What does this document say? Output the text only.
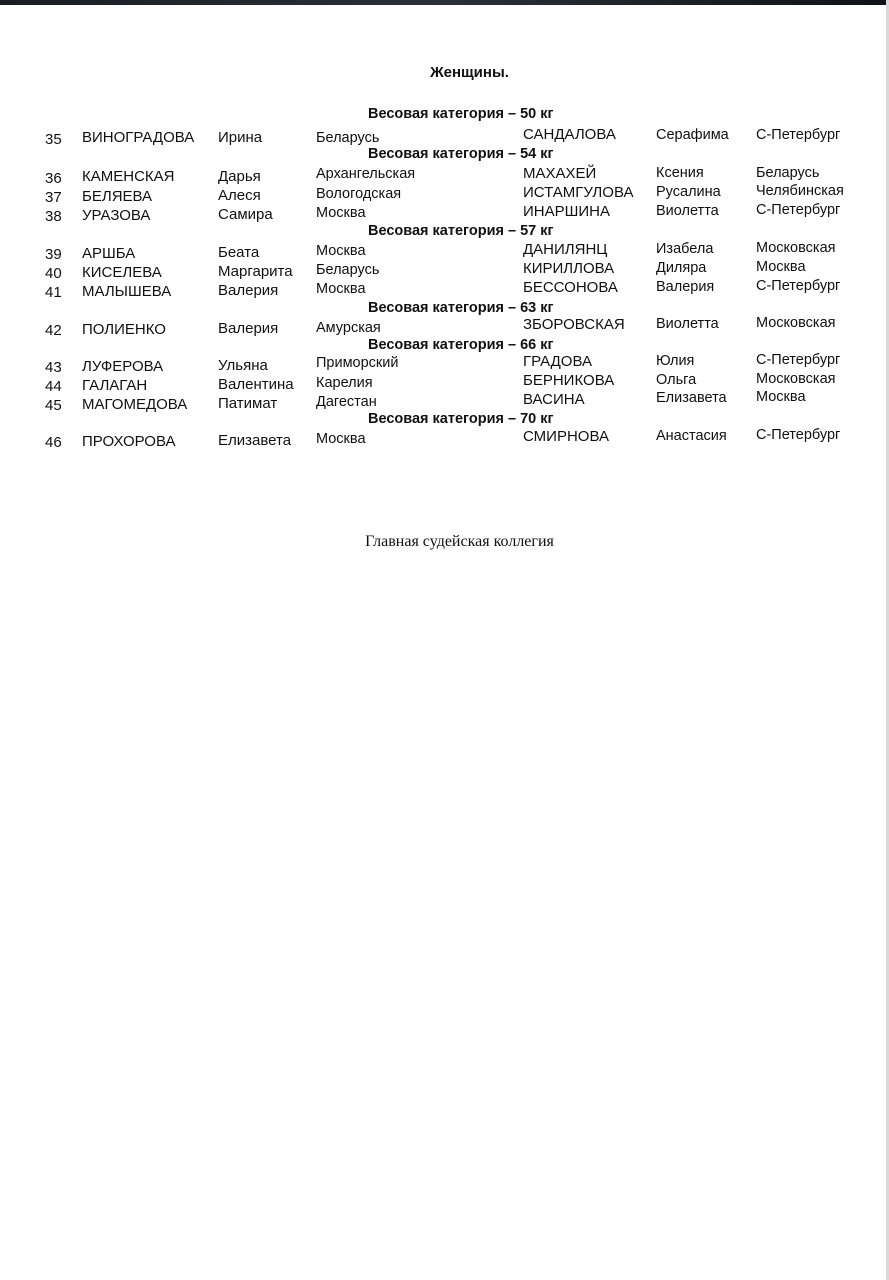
Женщины.
Весовая категория – 50 кг
35 ВИНОГРАДОВА Ирина	Беларусь	САНДАЛОВА	Серафима С-Петербург
Весовая категория – 54 кг
36 КАМЕНСКАЯ	Дарья	Архангельская	МАХАХЕЙ	Ксения	Беларусь
37 БЕЛЯЕВА	Алеся	Вологодская	ИСТАМГУЛОВА Русалина Челябинская
38 УРАЗОВА	Самира	Москва	ИНАРШИНА	Виолетта	С-Петербург
Весовая категория – 57 кг
39 АРШБА	Беата	Москва	ДАНИЛЯНЦ	Изабела	Московская
40 КИСЕЛЕВА	Маргарита Беларусь	КИРИЛЛОВА	Диляра	Москва
41 МАЛЫШЕВА	Валерия	Москва	БЕССОНОВА	Валерия	С-Петербург
Весовая категория – 63 кг
42 ПОЛИЕНКО	Валерия	Амурская	ЗБОРОВСКАЯ Виолетта	Московская
Весовая категория – 66 кг
43 ЛУФЕРОВА	Ульяна	Приморский	ГРАДОВА	Юлия	С-Петербург
44 ГАЛАГАН	Валентина Карелия	БЕРНИКОВА	Ольга	Московская
45 МАГОМЕДОВА Патимат	Дагестан	ВАСИНА	Елизавета Москва
Весовая категория – 70 кг
46 ПРОХОРОВА	Елизавета Москва	СМИРНОВА	Анастасия С-Петербург
Главная судейская коллегия
